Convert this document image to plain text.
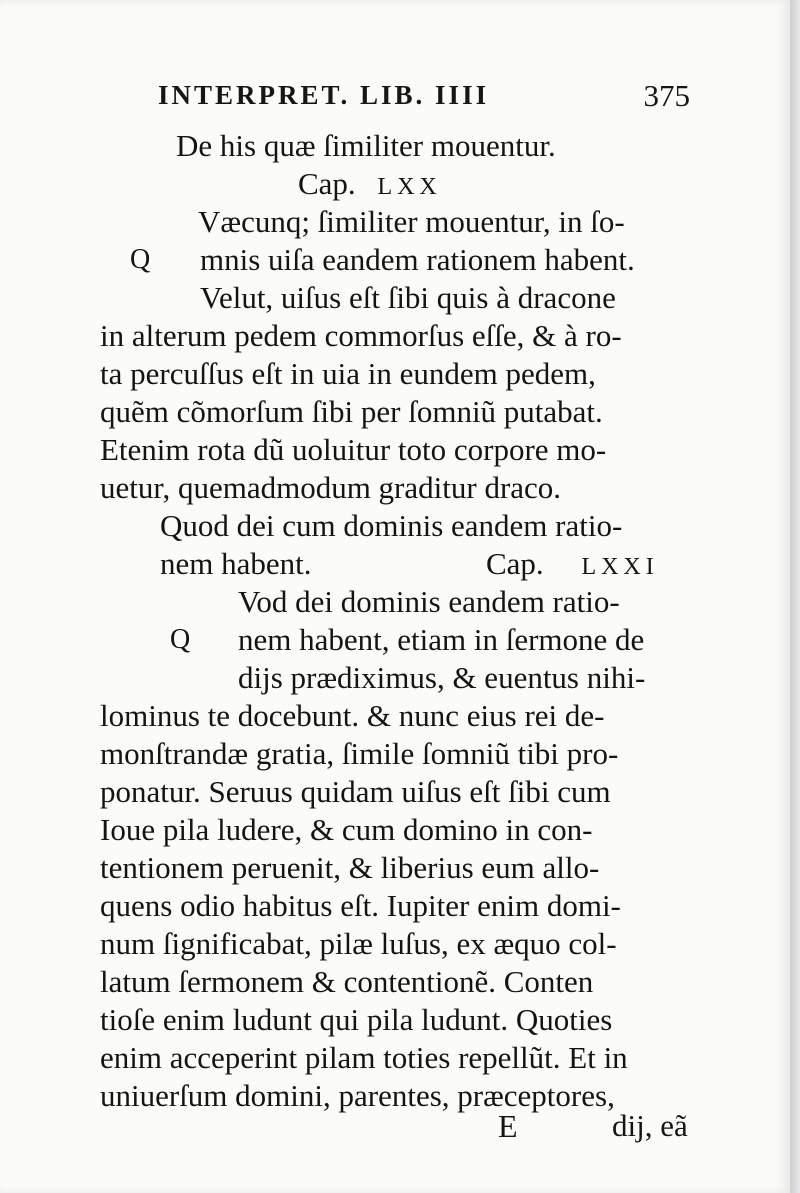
INTERPRET. LIB. IIII	375
De his quæ ſimiliter mouentur.
Cap. LXX
Væcunq; ſimiliter mouentur, in ſo-
Q mnis uiſa eandem rationem habent.
Velut, uiſus eſt ſibi quis à dracone
in alterum pedem commorſus eſſe, & à ro-
ta percuſſus eſt in uia in eundem pedem,
quẽm cõmorſum ſibi per ſomniũ putabat.
Etenim rota dũ uoluitur toto corpore mo-
uetur, quemadmodum graditur draco.
Quod dei cum dominis eandem ratio-
nem habent.	Cap. LXXI
Vod dei dominis eandem ratio-
Q nem habent, etiam in ſermone de
dijs prædiximus, & euentus nihi-
lominus te docebunt. & nunc eius rei de-
monſtrandæ gratia, ſimile ſomniũ tibi pro-
ponatur. Seruus quidam uiſus eſt ſibi cum
Ioue pila ludere, & cum domino in con-
tentionem peruenit, & liberius eum allo-
quens odio habitus eſt. Iupiter enim domi-
num ſignificabat, pilæ luſus, ex æquo col-
latum ſermonem & contentionẽ. Conten
tioſe enim ludunt qui pila ludunt. Quoties
enim acceperint pilam toties repellũt. Et in
uniuerſum domini, parentes, præceptores,
E	dij, eã
